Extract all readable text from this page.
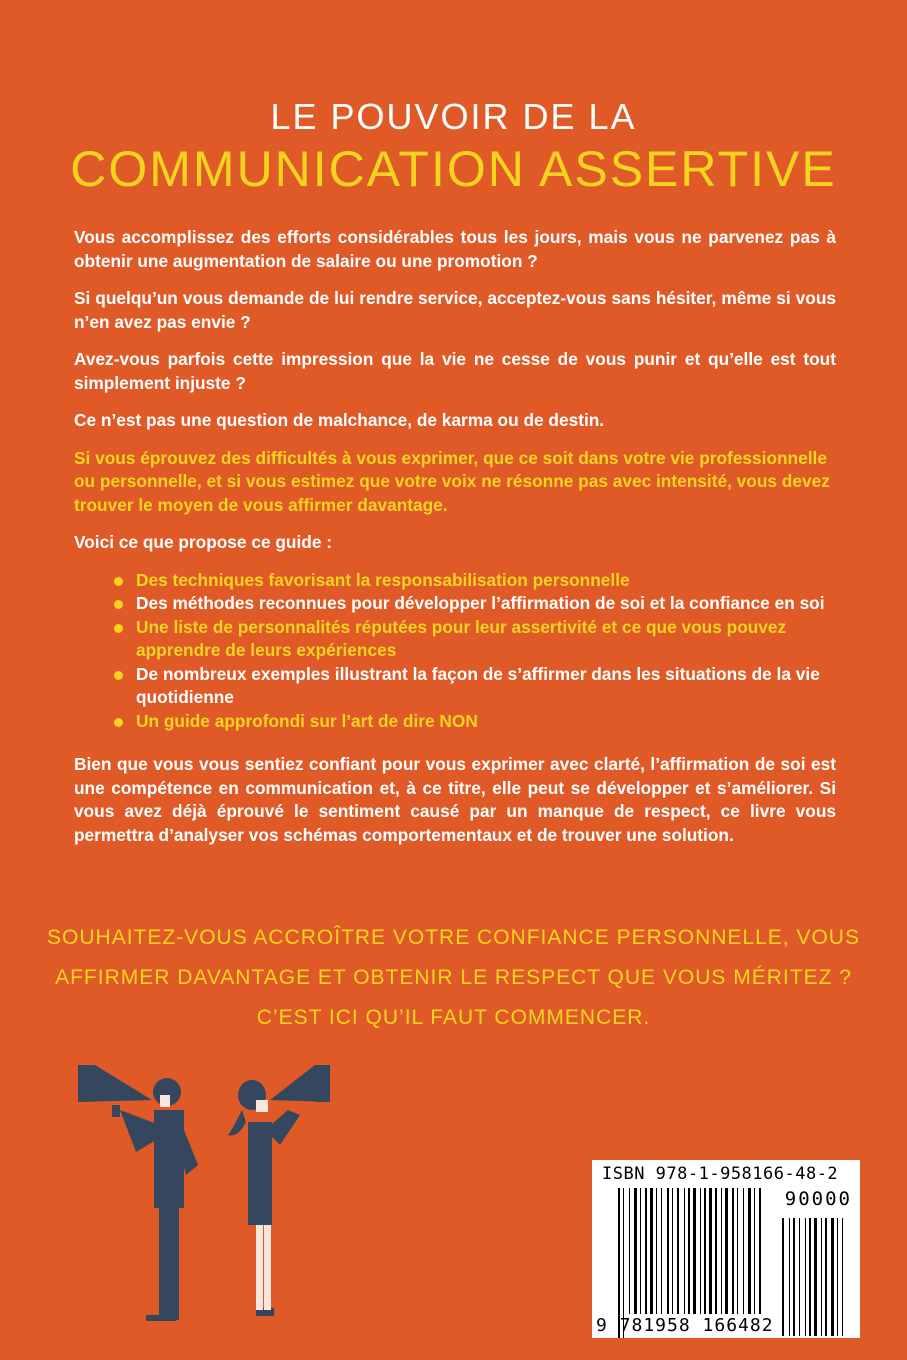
LE POUVOIR DE LA
COMMUNICATION ASSERTIVE

Vous accomplissez des efforts considérables tous les jours, mais vous ne parvenez pas à obtenir une augmentation de salaire ou une promotion ?

Si quelqu’un vous demande de lui rendre service, acceptez-vous sans hésiter, même si vous n’en avez pas envie ?

Avez-vous parfois cette impression que la vie ne cesse de vous punir et qu’elle est tout simplement injuste ?

Ce n’est pas une question de malchance, de karma ou de destin.

Si vous éprouvez des difficultés à vous exprimer, que ce soit dans votre vie professionnelle ou personnelle, et si vous estimez que votre voix ne résonne pas avec intensité, vous devez trouver le moyen de vous affirmer davantage.

Voici ce que propose ce guide :

Des techniques favorisant la responsabilisation personnelle
Des méthodes reconnues pour développer l’affirmation de soi et la confiance en soi
Une liste de personnalités réputées pour leur assertivité et ce que vous pouvez apprendre de leurs expériences
De nombreux exemples illustrant la façon de s’affirmer dans les situations de la vie quotidienne
Un guide approfondi sur l’art de dire NON

Bien que vous vous sentiez confiant pour vous exprimer avec clarté, l’affirmation de soi est une compétence en communication et, à ce titre, elle peut se développer et s’améliorer. Si vous avez déjà éprouvé le sentiment causé par un manque de respect, ce livre vous permettra d’analyser vos schémas comportementaux et de trouver une solution.

SOUHAITEZ-VOUS ACCROÎTRE VOTRE CONFIANCE PERSONNELLE, VOUS
AFFIRMER DAVANTAGE ET OBTENIR LE RESPECT QUE VOUS MÉRITEZ ?
C’EST ICI QU’IL FAUT COMMENCER.
ISBN 978-1-958166-48-2
90000
9 781958 166482
